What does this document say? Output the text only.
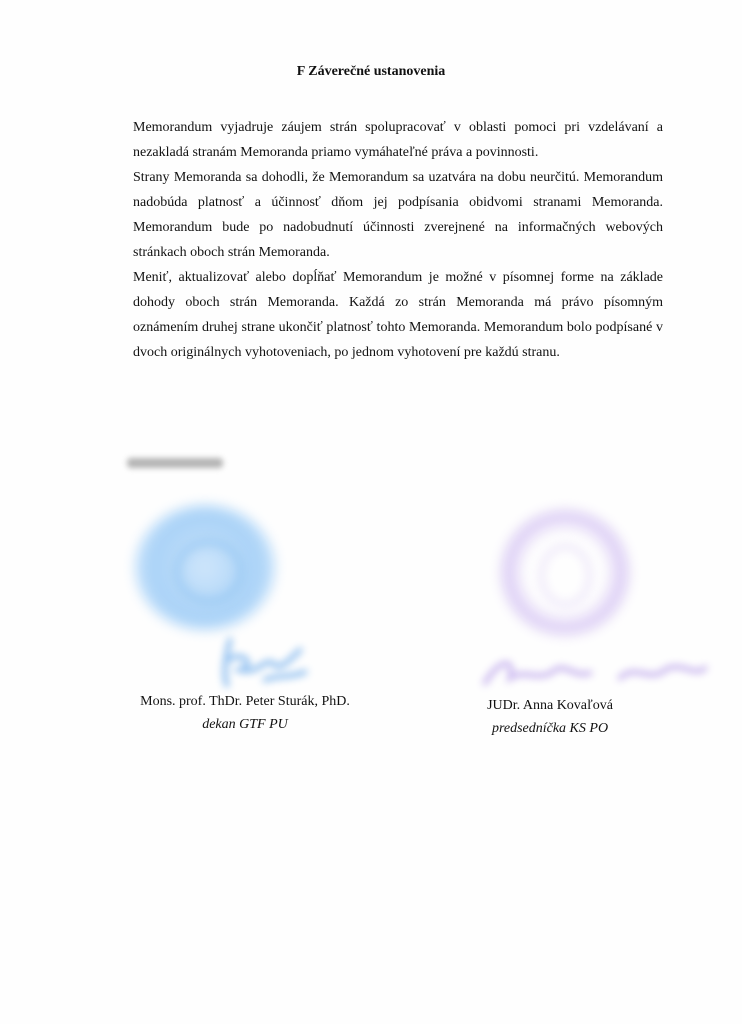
F Záverečné ustanovenia

Memorandum vyjadruje záujem strán spolupracovať v oblasti pomoci pri vzdelávaní a nezakladá stranám Memoranda priamo vymáhateľné práva a povinnosti.

Strany Memoranda sa dohodli, že Memorandum sa uzatvára na dobu neurčitú. Memorandum nadobúda platnosť a účinnosť dňom jej podpísania obidvomi stranami Memoranda. Memorandum bude po nadobudnutí účinnosti zverejnené na informačných webových stránkach oboch strán Memoranda.

Meniť, aktualizovať alebo dopĺňať Memorandum je možné v písomnej forme na základe dohody oboch strán Memoranda. Každá zo strán Memoranda má právo písomným oznámením druhej strane ukončiť platnosť tohto Memoranda. Memorandum bolo podpísané v dvoch originálnych vyhotoveniach, po jednom vyhotovení pre každú stranu.

Mons. prof. ThDr. Peter Sturák, PhD.
dekan GTF PU
JUDr. Anna Kovaľová
predsedníčka KS PO
